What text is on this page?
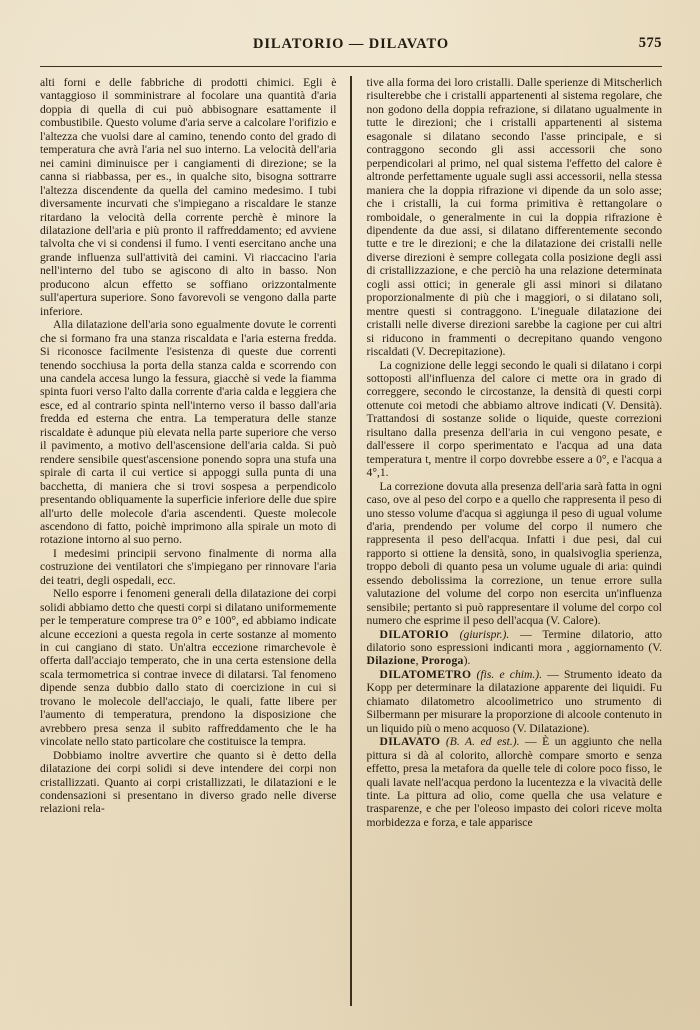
DILATORIO — DILAVATO	575

alti forni e delle fabbriche di prodotti chimici. Egli è vantaggioso il somministrare al focolare una quantità d'aria doppia di quella di cui può abbisognare esattamente il combustibile. Questo volume d'aria serve a calcolare l'orifizio e l'altezza che vuolsi dare al camino, tenendo conto del grado di temperatura che avrà l'aria nel suo interno. La velocità dell'aria nei camini diminuisce per i cangiamenti di direzione; se la canna si riabbassa, per es., in qualche sito, bisogna sottrarre l'altezza discendente da quella del camino medesimo. I tubi diversamente incurvati che s'impiegano a riscaldare le stanze ritardano la velocità della corrente perchè è minore la dilatazione dell'aria e più pronto il raffreddamento; ed avviene talvolta che vi si condensi il fumo. I venti esercitano anche una grande influenza sull'attività dei camini. Vi riaccacino l'aria nell'interno del tubo se agiscono di alto in basso. Non producono alcun effetto se soffiano orizzontalmente sull'apertura superiore. Sono favorevoli se vengono dalla parte inferiore.

Alla dilatazione dell'aria sono egualmente dovute le correnti che si formano fra una stanza riscaldata e l'aria esterna fredda. Si riconosce facilmente l'esistenza di queste due correnti tenendo socchiusa la porta della stanza calda e scorrendo con una candela accesa lungo la fessura, giacchè si vede la fiamma spinta fuori verso l'alto dalla corrente d'aria calda e leggiera che esce, ed al contrario spinta nell'interno verso il basso dall'aria fredda ed esterna che entra. La temperatura delle stanze riscaldate è adunque più elevata nella parte superiore che verso il pavimento, a motivo dell'ascensione dell'aria calda. Si può rendere sensibile quest'ascensione ponendo sopra una stufa una spirale di carta il cui vertice si appoggi sulla punta di una bacchetta, di maniera che si trovi sospesa a perpendicolo presentando obliquamente la superficie inferiore delle due spire all'urto delle molecole d'aria ascendenti. Queste molecole ascendono di fatto, poichè imprimono alla spirale un moto di rotazione intorno al suo perno.

I medesimi principii servono finalmente di norma alla costruzione dei ventilatori che s'impiegano per rinnovare l'aria dei teatri, degli ospedali, ecc.

Nello esporre i fenomeni generali della dilatazione dei corpi solidi abbiamo detto che questi corpi si dilatano uniformemente per le temperature comprese tra 0° e 100°, ed abbiamo indicate alcune eccezioni a questa regola in certe sostanze al momento in cui cangiano di stato. Un'altra eccezione rimarchevole è offerta dall'acciajo temperato, che in una certa estensione della scala termometrica si contrae invece di dilatarsi. Tal fenomeno dipende senza dubbio dallo stato di coercizione in cui si trovano le molecole dell'acciajo, le quali, fatte libere per l'aumento di temperatura, prendono la disposizione che avrebbero presa senza il subito raffreddamento che le ha vincolate nello stato particolare che costituisce la tempra.

Dobbiamo inoltre avvertire che quanto si è detto della dilatazione dei corpi solidi si deve intendere dei corpi non cristallizzati. Quanto ai corpi cristallizzati, le dilatazioni e le condensazioni si presentano in diverso grado nelle diverse relazioni rela-

tive alla forma dei loro cristalli. Dalle sperienze di Mitscherlich risulterebbe che i cristalli appartenenti al sistema regolare, che non godono della doppia refrazione, si dilatano ugualmente in tutte le direzioni; che i cristalli appartenenti al sistema esagonale si dilatano secondo l'asse principale, e si contraggono secondo gli assi accessorii che sono perpendicolari al primo, nel qual sistema l'effetto del calore è altronde perfettamente uguale sugli assi accessorii, nella stessa maniera che la doppia rifrazione vi dipende da un solo asse; che i cristalli, la cui forma primitiva è rettangolare o romboidale, o generalmente in cui la doppia rifrazione è dipendente da due assi, si dilatano differentemente secondo tutte e tre le direzioni; e che la dilatazione dei cristalli nelle diverse direzioni è sempre collegata colla posizione degli assi di cristallizzazione, e che perciò ha una relazione determinata cogli assi ottici; in generale gli assi minori si dilatano proporzionalmente di più che i maggiori, o si dilatano soli, mentre questi si contraggono. L'ineguale dilatazione dei cristalli nelle diverse direzioni sarebbe la cagione per cui altri si riducono in frammenti o decrepitano quando vengono riscaldati (V. Decrepitazione).

La cognizione delle leggi secondo le quali si dilatano i corpi sottoposti all'influenza del calore ci mette ora in grado di correggere, secondo le circostanze, la densità di questi corpi ottenute coi metodi che abbiamo altrove indicati (V. Densità). Trattandosi di sostanze solide o liquide, queste correzioni risultano dalla presenza dell'aria in cui vengono pesate, e dall'essere il corpo sperimentato e l'acqua ad una data temperatura t, mentre il corpo dovrebbe essere a 0°, e l'acqua a 4°,1.

La correzione dovuta alla presenza dell'aria sarà fatta in ogni caso, ove al peso del corpo e a quello che rappresenta il peso di uno stesso volume d'acqua si aggiunga il peso di ugual volume d'aria, prendendo per volume del corpo il numero che rappresenta il peso dell'acqua. Infatti i due pesi, dal cui rapporto si ottiene la densità, sono, in qualsivoglia sperienza, troppo deboli di quanto pesa un volume uguale di aria: quindi essendo debolissima la correzione, un tenue errore sulla valutazione del volume del corpo non esercita un'influenza sensibile; pertanto si può rappresentare il volume del corpo col numero che esprime il peso dell'acqua (V. Calore).

DILATORIO (giurispr.). — Termine dilatorio, atto dilatorio sono espressioni indicanti mora , aggiornamento (V. Dilazione, Proroga).

DILATOMETRO (fis. e chim.). — Strumento ideato da Kopp per determinare la dilatazione apparente dei liquidi. Fu chiamato dilatometro alcoolimetrico uno strumento di Silbermann per misurare la proporzione di alcoole contenuto in un liquido più o meno acquoso (V. Dilatazione).

DILAVATO (B. A. ed est.). — È un aggiunto che nella pittura si dà al colorito, allorchè compare smorto e senza effetto, presa la metafora da quelle tele di colore poco fisso, le quali lavate nell'acqua perdono la lucentezza e la vivacità delle tinte. La pittura ad olio, come quella che usa velature e trasparenze, e che per l'oleoso impasto dei colori riceve molta morbidezza e forza, e tale apparisce
